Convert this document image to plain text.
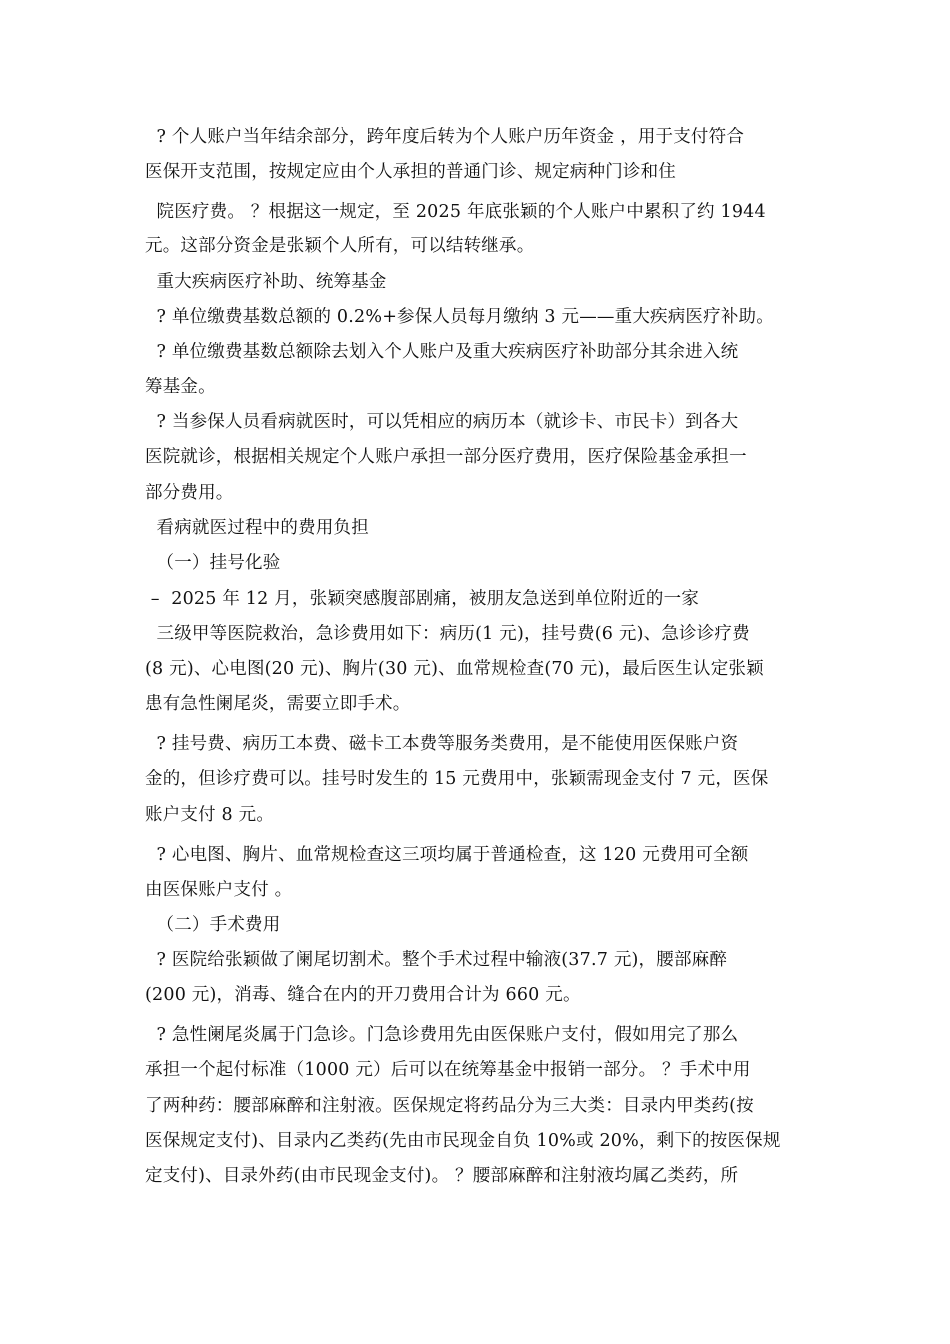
? 个人账户当年结余部分，跨年度后转为个人账户历年资金 ，用于支付符合
医保开支范围，按规定应由个人承担的普通门诊、规定病种门诊和住
院医疗费。 ？根据这一规定，至 2025 年底张颖的个人账户中累积了约 1944
元。这部分资金是张颖个人所有，可以结转继承。
重大疾病医疗补助、统筹基金
? 单位缴费基数总额的 0.2%+参保人员每月缴纳 3 元——重大疾病医疗补助。
? 单位缴费基数总额除去划入个人账户及重大疾病医疗补助部分其余进入统
筹基金。
? 当参保人员看病就医时，可以凭相应的病历本（就诊卡、市民卡）到各大
医院就诊，根据相关规定个人账户承担一部分医疗费用，医疗保险基金承担一
部分费用。
看病就医过程中的费用负担
（一）挂号化验
–  2025 年 12 月，张颖突感腹部剧痛，被朋友急送到单位附近的一家
三级甲等医院救治，急诊费用如下：病历(1 元)，挂号费(6 元)、急诊诊疗费
(8 元)、心电图(20 元)、胸片(30 元)、血常规检查(70 元)，最后医生认定张颖
患有急性阑尾炎，需要立即手术。
? 挂号费、病历工本费、磁卡工本费等服务类费用，是不能使用医保账户资
金的，但诊疗费可以。挂号时发生的 15 元费用中，张颖需现金支付 7 元，医保
账户支付 8 元。
? 心电图、胸片、血常规检查这三项均属于普通检查，这 120 元费用可全额
由医保账户支付 。
（二）手术费用
? 医院给张颖做了阑尾切割术。整个手术过程中输液(37.7 元)，腰部麻醉
(200 元)，消毒、缝合在内的开刀费用合计为 660 元。
? 急性阑尾炎属于门急诊。门急诊费用先由医保账户支付，假如用完了那么
承担一个起付标准（1000 元）后可以在统筹基金中报销一部分。 ？手术中用
了两种药：腰部麻醉和注射液。医保规定将药品分为三大类：目录内甲类药(按
医保规定支付)、目录内乙类药(先由市民现金自负 10%或 20%，剩下的按医保规
定支付)、目录外药(由市民现金支付)。 ？腰部麻醉和注射液均属乙类药，所
